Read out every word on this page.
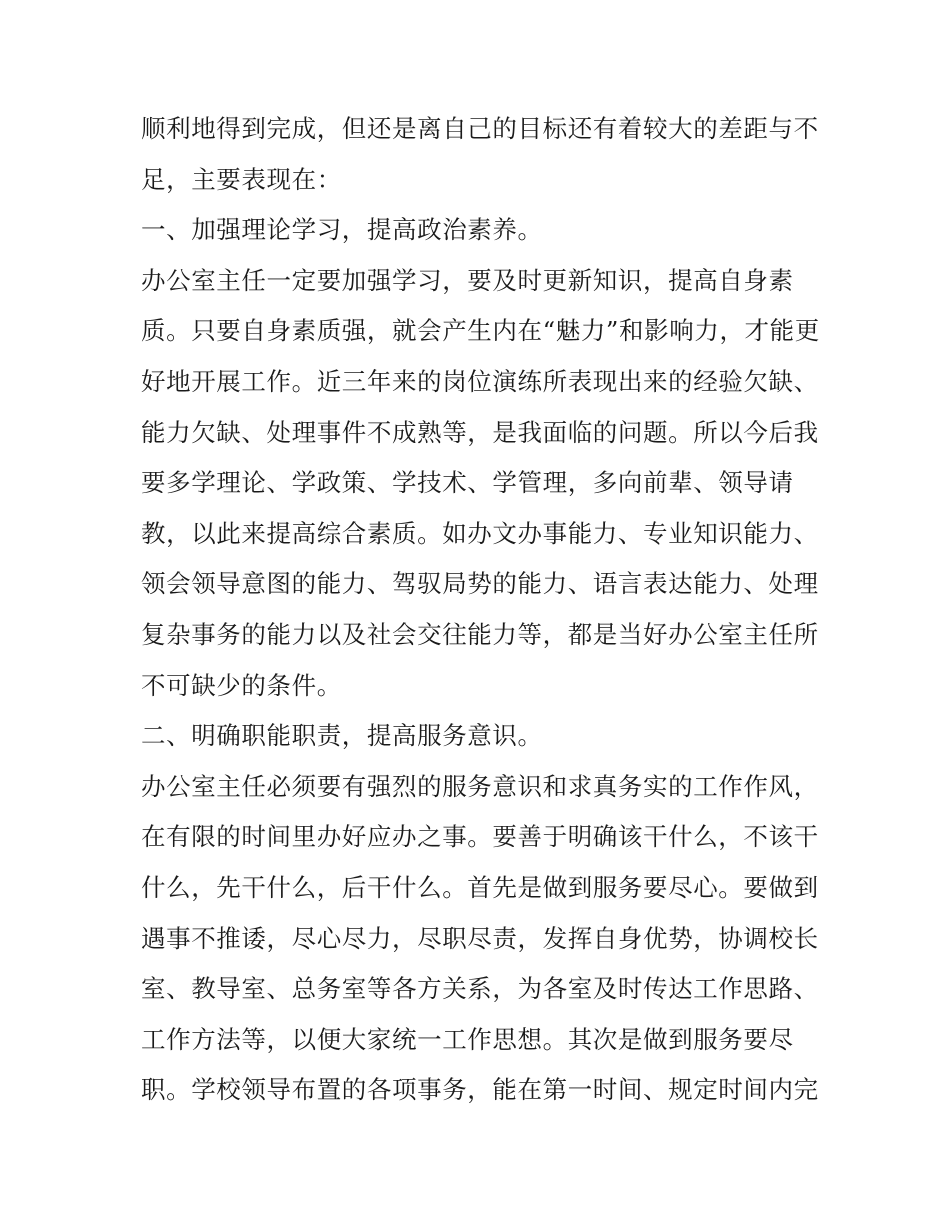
顺利地得到完成，但还是离自己的目标还有着较大的差距与不
足，主要表现在：
一、加强理论学习，提高政治素养。
办公室主任一定要加强学习，要及时更新知识，提高自身素
质。只要自身素质强，就会产生内在“魅力”和影响力，才能更
好地开展工作。近三年来的岗位演练所表现出来的经验欠缺、
能力欠缺、处理事件不成熟等，是我面临的问题。所以今后我
要多学理论、学政策、学技术、学管理，多向前辈、领导请
教，以此来提高综合素质。如办文办事能力、专业知识能力、
领会领导意图的能力、驾驭局势的能力、语言表达能力、处理
复杂事务的能力以及社会交往能力等，都是当好办公室主任所
不可缺少的条件。
二、明确职能职责，提高服务意识。
办公室主任必须要有强烈的服务意识和求真务实的工作作风，
在有限的时间里办好应办之事。要善于明确该干什么，不该干
什么，先干什么，后干什么。首先是做到服务要尽心。要做到
遇事不推诿，尽心尽力，尽职尽责，发挥自身优势，协调校长
室、教导室、总务室等各方关系，为各室及时传达工作思路、
工作方法等，以便大家统一工作思想。其次是做到服务要尽
职。学校领导布置的各项事务，能在第一时间、规定时间内完
